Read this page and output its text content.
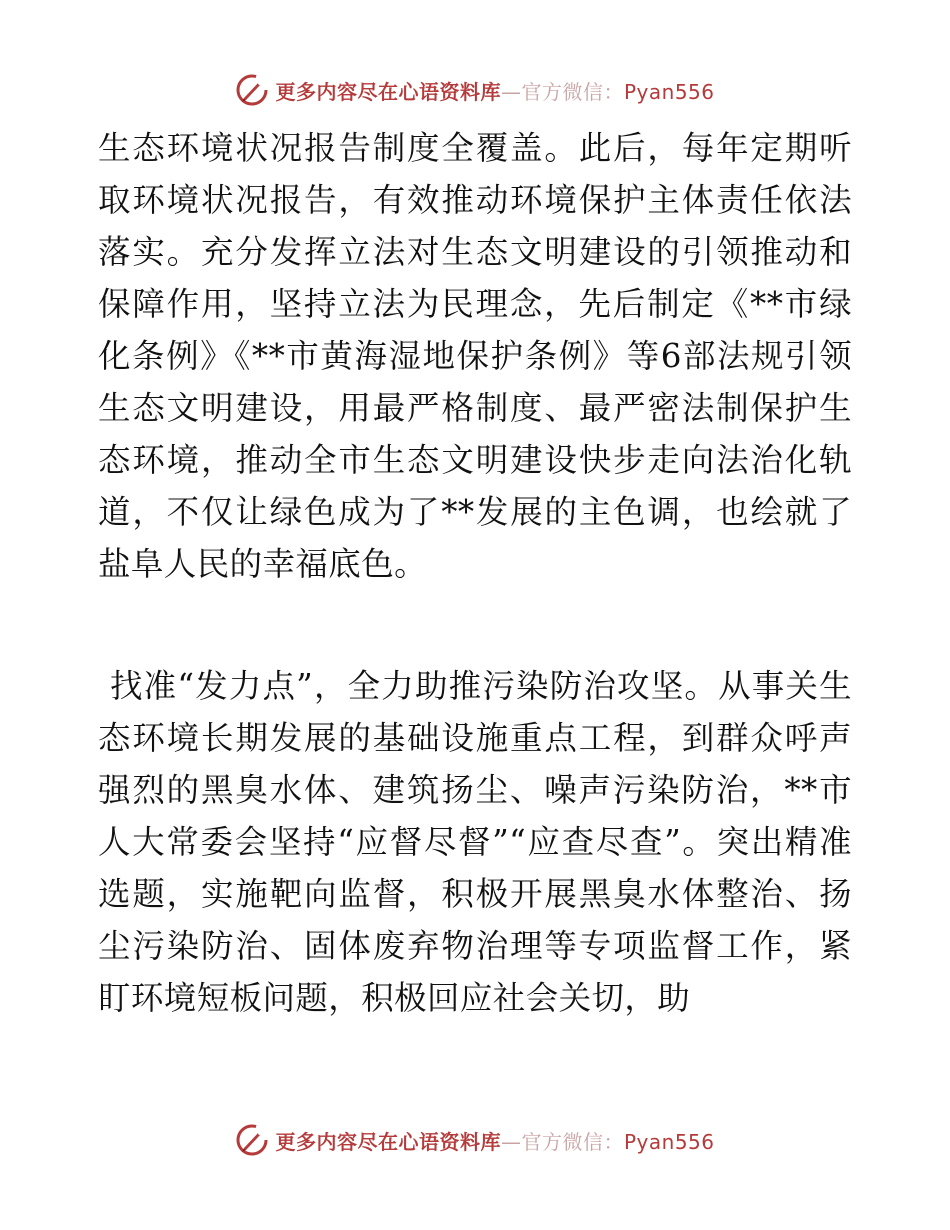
更多内容尽在心语资料库—官方微信：Pyan556

生态环境状况报告制度全覆盖。此后，每年定期听取环境状况报告，有效推动环境保护主体责任依法落实。充分发挥立法对生态文明建设的引领推动和保障作用，坚持立法为民理念，先后制定《**市绿化条例》《**市黄海湿地保护条例》等6部法规引领生态文明建设，用最严格制度、最严密法制保护生态环境，推动全市生态文明建设快步走向法治化轨道，不仅让绿色成为了**发展的主色调，也绘就了盐阜人民的幸福底色。

找准“发力点”，全力助推污染防治攻坚。从事关生态环境长期发展的基础设施重点工程，到群众呼声强烈的黑臭水体、建筑扬尘、噪声污染防治，**市人大常委会坚持“应督尽督”“应查尽查”。突出精准选题，实施靶向监督，积极开展黑臭水体整治、扬尘污染防治、固体废弃物治理等专项监督工作，紧盯环境短板问题，积极回应社会关切，助

更多内容尽在心语资料库—官方微信：Pyan556
